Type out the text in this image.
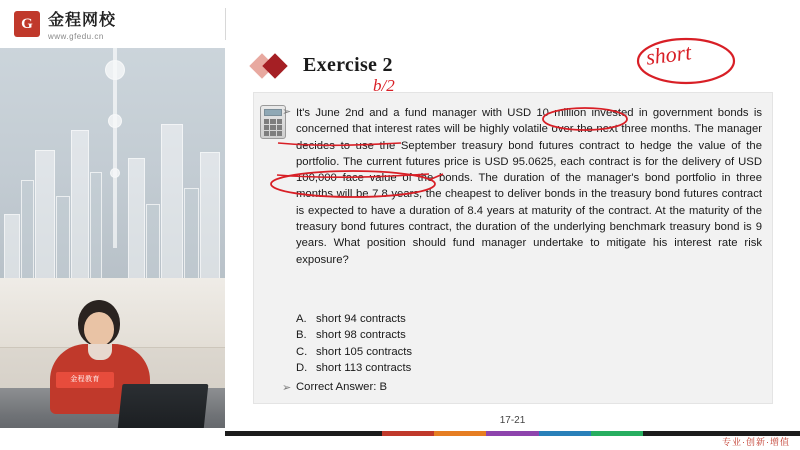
金程教育
Exercise 2
➢ It's June 2nd and a fund manager with USD 10 million invested in government bonds is concerned that interest rates will be highly volatile over the next three months. The manager decides to use the September treasury bond futures contract to hedge the value of the portfolio. The current futures price is USD 95.0625, each contract is for the delivery of USD 100,000 face value of the bonds. The duration of the manager's bond portfolio in three months will be 7.8 years, the cheapest to deliver bonds in the treasury bond futures contract is expected to have a duration of 8.4 years at maturity of the contract. At the maturity of the treasury bond futures contract, the duration of the underlying benchmark treasury bond is 9 years. What position should fund manager undertake to mitigate his interest rate risk exposure?
A. short 94 contracts
B. short 98 contracts
C. short 105 contracts
D. short 113 contracts
➢ Correct Answer: B
short
b/2
17-21
G 金程网校
www.gfedu.cn
专业·创新·增值
